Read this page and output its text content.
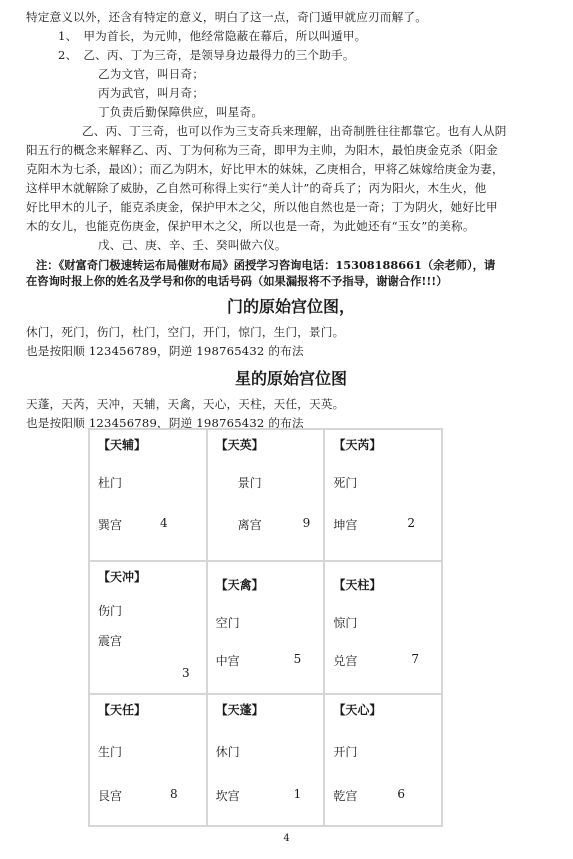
特定意义以外，还含有特定的意义，明白了这一点，奇门遁甲就应刃而解了。

1、　甲为首长，为元帅，他经常隐蔽在幕后，所以叫遁甲。

2、　乙、丙、丁为三奇，是领导身边最得力的三个助手。

乙为文官，叫日奇；

丙为武官，叫月奇；

丁负责后勤保障供应，叫星奇。

乙、丙、丁三奇，也可以作为三支奇兵来理解，出奇制胜往往都靠它。也有人从阴

阳五行的概念来解释乙、丙、丁为何称为三奇，即甲为主帅，为阳木，最怕庚金克杀（阳金

克阳木为七杀，最凶）；而乙为阴木，好比甲木的妹妹，乙庚相合，甲将乙妹嫁给庚金为妻，

这样甲木就解除了威胁，乙自然可称得上实行“美人计”的奇兵了；丙为阳火，木生火，他

好比甲木的儿子，能克杀庚金，保护甲木之父，所以他自然也是一奇；丁为阴火，她好比甲

木的女儿，也能克伤庚金，保护甲木之父，所以也是一奇，为此她还有“玉女”的美称。

戊、己、庚、辛、壬、癸叫做六仪。

注：《财富奇门极速转运布局催财布局》函授学习咨询电话：15308188661（余老师），请

在咨询时报上你的姓名及学号和你的电话号码（如果漏报将不予指导，谢谢合作!!!）

门的原始宫位图，

休门，死门，伤门，杜门，空门，开门，惊门，生门，景门。

也是按阳顺 123456789，阴逆 198765432 的布法

星的原始宫位图

天蓬，天芮，天冲，天辅，天禽，天心，天柱，天任，天英。

也是按阳顺 123456789，阴逆 198765432 的布法

【天辅】
杜门
巽宫	4
【天英】
景门
离宫	9
【天芮】
死门
坤宫	2
【天冲】
伤门
震宫
3
【天禽】
空门
中宫	5
【天柱】
惊门
兑宫	7
【天任】
生门
艮宫	8
【天蓬】
休门
坎宫	1
【天心】
开门
乾宫	6
4
